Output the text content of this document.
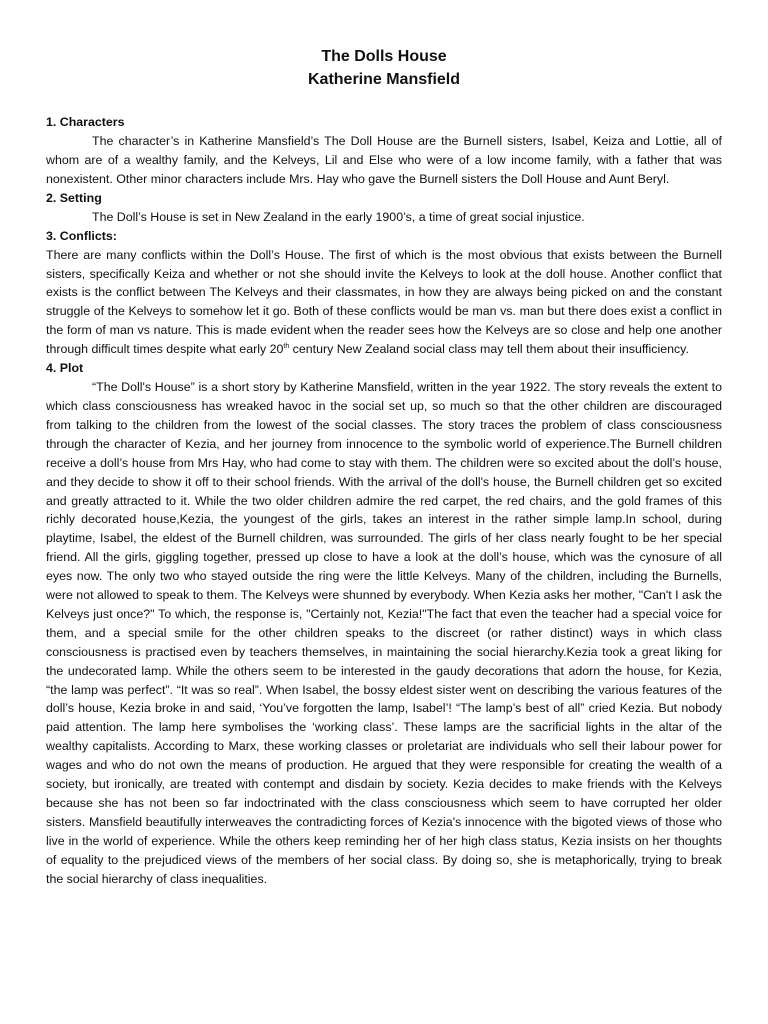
The Dolls House
Katherine Mansfield
1. Characters

The character’s in Katherine Mansfield’s The Doll House are the Burnell sisters, Isabel, Keiza and Lottie, all of whom are of a wealthy family, and the Kelveys, Lil and Else who were of a low income family, with a father that was nonexistent. Other minor characters include Mrs. Hay who gave the Burnell sisters the Doll House and Aunt Beryl.

2. Setting

The Doll’s House is set in New Zealand in the early 1900’s, a time of great social injustice.

3. Conflicts:

There are many conflicts within the Doll’s House. The first of which is the most obvious that exists between the Burnell sisters, specifically Keiza and whether or not she should invite the Kelveys to look at the doll house. Another conflict that exists is the conflict between The Kelveys and their classmates, in how they are always being picked on and the constant struggle of the Kelveys to somehow let it go. Both of these conflicts would be man vs. man but there does exist a conflict in the form of man vs nature. This is made evident when the reader sees how the Kelveys are so close and help one another through difficult times despite what early 20th century New Zealand social class may tell them about their insufficiency.

4. Plot

“The Doll's House” is a short story by Katherine Mansfield, written in the year 1922. The story reveals the extent to which class consciousness has wreaked havoc in the social set up, so much so that the other children are discouraged from talking to the children from the lowest of the social classes. The story traces the problem of class consciousness through the character of Kezia, and her journey from innocence to the symbolic world of experience.The Burnell children receive a doll’s house from Mrs Hay, who had come to stay with them. The children were so excited about the doll’s house, and they decide to show it off to their school friends. With the arrival of the doll's house, the Burnell children get so excited and greatly attracted to it. While the two older children admire the red carpet, the red chairs, and the gold frames of this richly decorated house,Kezia, the youngest of the girls, takes an interest in the rather simple lamp.In school, during playtime, Isabel, the eldest of the Burnell children, was surrounded. The girls of her class nearly fought to be her special friend. All the girls, giggling together, pressed up close to have a look at the doll’s house, which was the cynosure of all eyes now. The only two who stayed outside the ring were the little Kelveys. Many of the children, including the Burnells, were not allowed to speak to them. The Kelveys were shunned by everybody. When Kezia asks her mother, "Can't I ask the Kelveys just once?" To which, the response is, "Certainly not, Kezia!"The fact that even the teacher had a special voice for them, and a special smile for the other children speaks to the discreet (or rather distinct) ways in which class consciousness is practised even by teachers themselves, in maintaining the social hierarchy.Kezia took a great liking for the undecorated lamp. While the others seem to be interested in the gaudy decorations that adorn the house, for Kezia, “the lamp was perfect”. “It was so real”. When Isabel, the bossy eldest sister went on describing the various features of the doll’s house, Kezia broke in and said, ‘You’ve forgotten the lamp, Isabel’! “The lamp’s best of all” cried Kezia. But nobody paid attention. The lamp here symbolises the ‘working class’. These lamps are the sacrificial lights in the altar of the wealthy capitalists. According to Marx, these working classes or proletariat are individuals who sell their labour power for wages and who do not own the means of production. He argued that they were responsible for creating the wealth of a society, but ironically, are treated with contempt and disdain by society. Kezia decides to make friends with the Kelveys because she has not been so far indoctrinated with the class consciousness which seem to have corrupted her older sisters. Mansfield beautifully interweaves the contradicting forces of Kezia's innocence with the bigoted views of those who live in the world of experience. While the others keep reminding her of her high class status, Kezia insists on her thoughts of equality to the prejudiced views of the members of her social class. By doing so, she is metaphorically, trying to break the social hierarchy of class inequalities.
